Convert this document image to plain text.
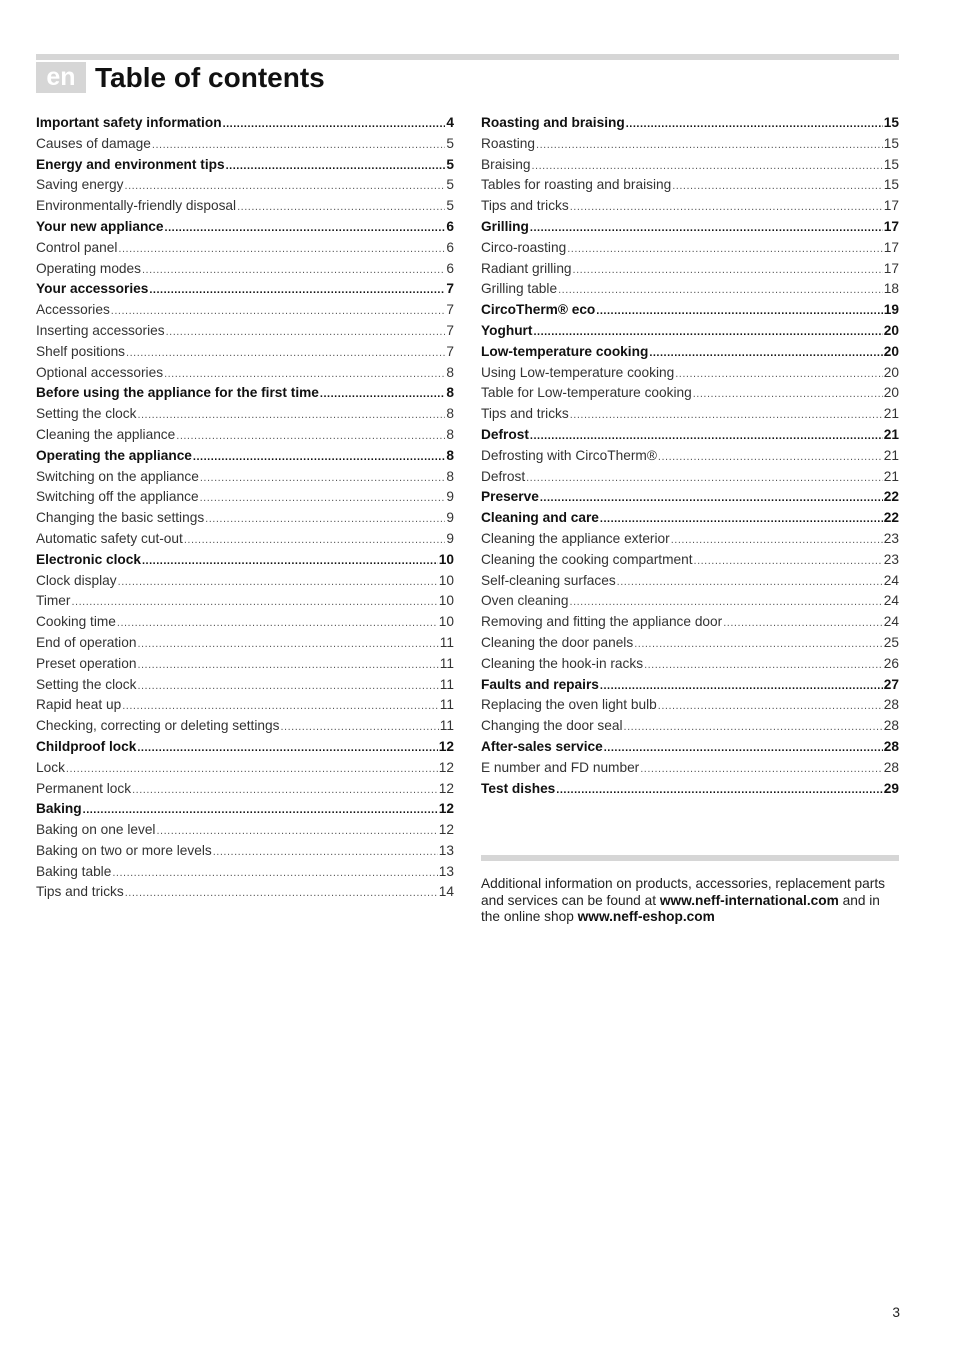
en Table of contents
Important safety information .....	4
Causes of damage .....	5
Energy and environment tips .....	5
Saving energy .....	5
Environmentally-friendly disposal .....	5
Your new appliance .....	6
Control panel .....	6
Operating modes .....	6
Your accessories .....	7
Accessories .....	7
Inserting accessories .....	7
Shelf positions .....	7
Optional accessories .....	8
Before using the appliance for the first time .....	8
Setting the clock .....	8
Cleaning the appliance .....	8
Operating the appliance .....	8
Switching on the appliance .....	8
Switching off the appliance .....	9
Changing the basic settings .....	9
Automatic safety cut-out .....	9
Electronic clock .....	10
Clock display .....	10
Timer .....	10
Cooking time .....	10
End of operation .....	11
Preset operation .....	11
Setting the clock .....	11
Rapid heat up .....	11
Checking, correcting or deleting settings .....	11
Childproof lock .....	12
Lock .....	12
Permanent lock .....	12
Baking .....	12
Baking on one level .....	12
Baking on two or more levels .....	13
Baking table .....	13
Tips and tricks .....	14
Roasting and braising .....	15
Roasting .....	15
Braising .....	15
Tables for roasting and braising .....	15
Tips and tricks .....	17
Grilling .....	17
Circo-roasting .....	17
Radiant grilling .....	17
Grilling table .....	18
CircoTherm® eco .....	19
Yoghurt .....	20
Low-temperature cooking .....	20
Using Low-temperature cooking .....	20
Table for Low-temperature cooking .....	20
Tips and tricks .....	21
Defrost .....	21
Defrosting with CircoTherm® .....	21
Defrost .....	21
Preserve .....	22
Cleaning and care .....	22
Cleaning the appliance exterior .....	23
Cleaning the cooking compartment .....	23
Self-cleaning surfaces .....	24
Oven cleaning .....	24
Removing and fitting the appliance door .....	24
Cleaning the door panels .....	25
Cleaning the hook-in racks .....	26
Faults and repairs .....	27
Replacing the oven light bulb .....	28
Changing the door seal .....	28
After-sales service .....	28
E number and FD number .....	28
Test dishes .....	29

Additional information on products, accessories, replacement parts and services can be found at www.neff-international.com and in the online shop www.neff-eshop.com

3
